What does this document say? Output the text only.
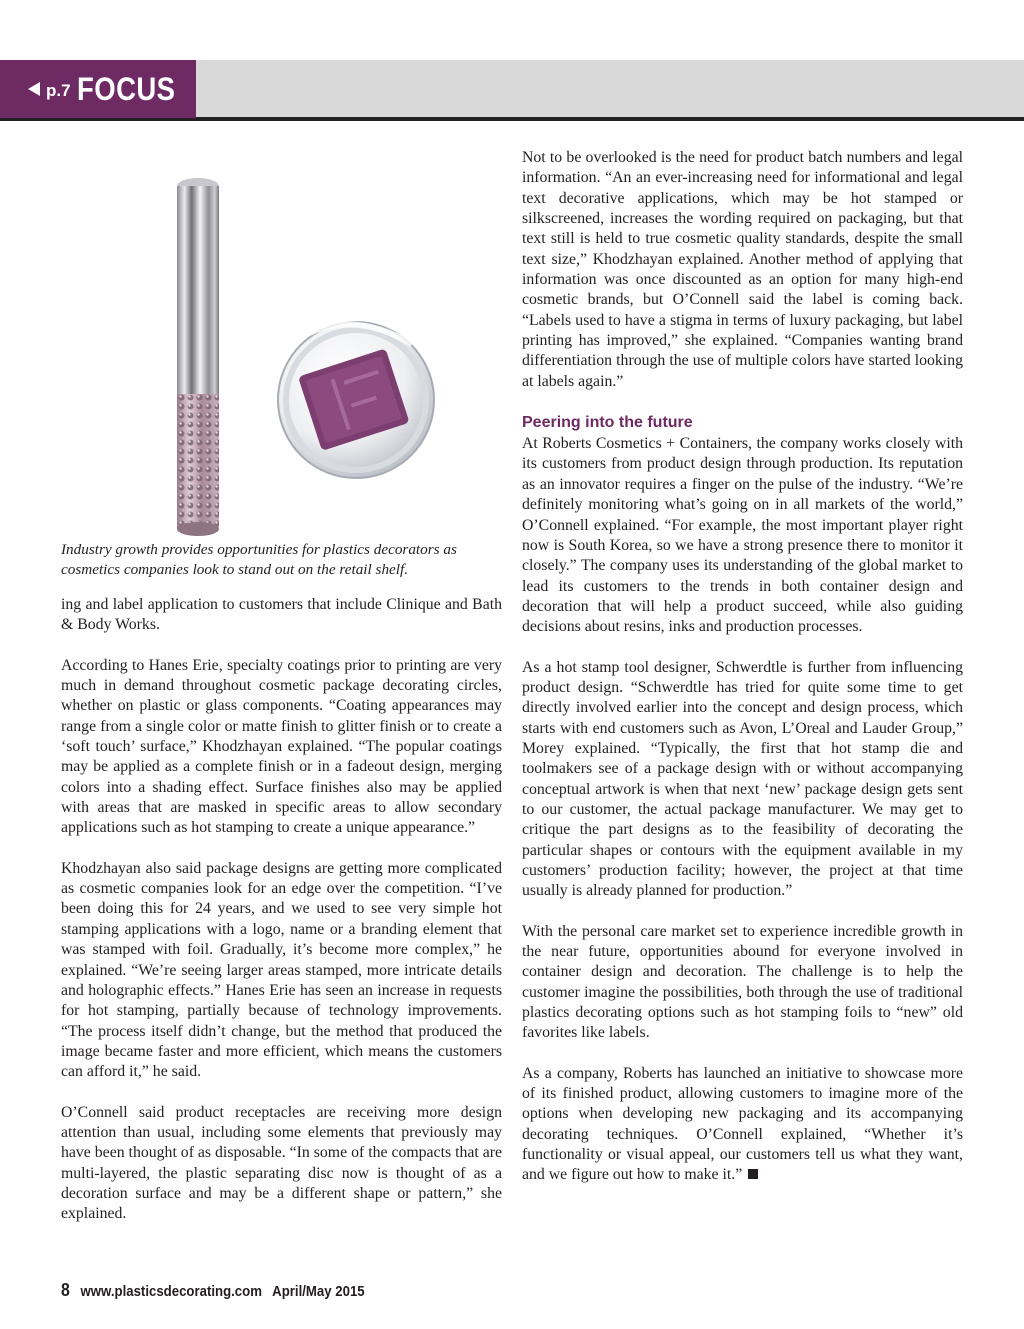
p.7 FOCUS
Industry growth provides opportunities for plastics decorators as cosmetics companies look to stand out on the retail shelf.

ing and label application to customers that include Clinique and Bath & Body Works.

According to Hanes Erie, specialty coatings prior to printing are very much in demand throughout cosmetic package decorating circles, whether on plastic or glass components. “Coating appearances may range from a single color or matte finish to glitter finish or to create a ‘soft touch’ surface,” Khodzhayan explained. “The popular coatings may be applied as a complete finish or in a fadeout design, merging colors into a shading effect. Surface finishes also may be applied with areas that are masked in specific areas to allow secondary applications such as hot stamping to create a unique appearance.”

Khodzhayan also said package designs are getting more complicated as cosmetic companies look for an edge over the competition. “I’ve been doing this for 24 years, and we used to see very simple hot stamping applications with a logo, name or a branding element that was stamped with foil. Gradually, it’s become more complex,” he explained. “We’re seeing larger areas stamped, more intricate details and holographic effects.” Hanes Erie has seen an increase in requests for hot stamping, partially because of technology improvements. “The process itself didn’t change, but the method that produced the image became faster and more efficient, which means the customers can afford it,” he said.

O’Connell said product receptacles are receiving more design attention than usual, including some elements that previously may have been thought of as disposable. “In some of the compacts that are multi-layered, the plastic separating disc now is thought of as a decoration surface and may be a different shape or pattern,” she explained.

Not to be overlooked is the need for product batch numbers and legal information. “An an ever-increasing need for informational and legal text decorative applications, which may be hot stamped or silkscreened, increases the wording required on packaging, but that text still is held to true cosmetic quality standards, despite the small text size,” Khodzhayan explained. Another method of applying that information was once discounted as an option for many high-end cosmetic brands, but O’Connell said the label is coming back. “Labels used to have a stigma in terms of luxury packaging, but label printing has improved,” she explained. “Companies wanting brand differentiation through the use of multiple colors have started looking at labels again.”

Peering into the future

At Roberts Cosmetics + Containers, the company works closely with its customers from product design through production. Its reputation as an innovator requires a finger on the pulse of the industry. “We’re definitely monitoring what’s going on in all markets of the world,” O’Connell explained. “For example, the most important player right now is South Korea, so we have a strong presence there to monitor it closely.” The company uses its understanding of the global market to lead its customers to the trends in both container design and decoration that will help a product succeed, while also guiding decisions about resins, inks and production processes.

As a hot stamp tool designer, Schwerdtle is further from influencing product design. “Schwerdtle has tried for quite some time to get directly involved earlier into the concept and design process, which starts with end customers such as Avon, L’Oreal and Lauder Group,” Morey explained. “Typically, the first that hot stamp die and toolmakers see of a package design with or without accompanying conceptual artwork is when that next ‘new’ package design gets sent to our customer, the actual package manufacturer. We may get to critique the part designs as to the feasibility of decorating the particular shapes or contours with the equipment available in my customers’ production facility; however, the project at that time usually is already planned for production.”

With the personal care market set to experience incredible growth in the near future, opportunities abound for everyone involved in container design and decoration. The challenge is to help the customer imagine the possibilities, both through the use of traditional plastics decorating options such as hot stamping foils to “new” old favorites like labels.

As a company, Roberts has launched an initiative to showcase more of its finished product, allowing customers to imagine more of the options when developing new packaging and its accompanying decorating techniques. O’Connell explained, “Whether it’s functionality or visual appeal, our customers tell us what they want, and we figure out how to make it.”

8 www.plasticsdecorating.com April/May 2015
